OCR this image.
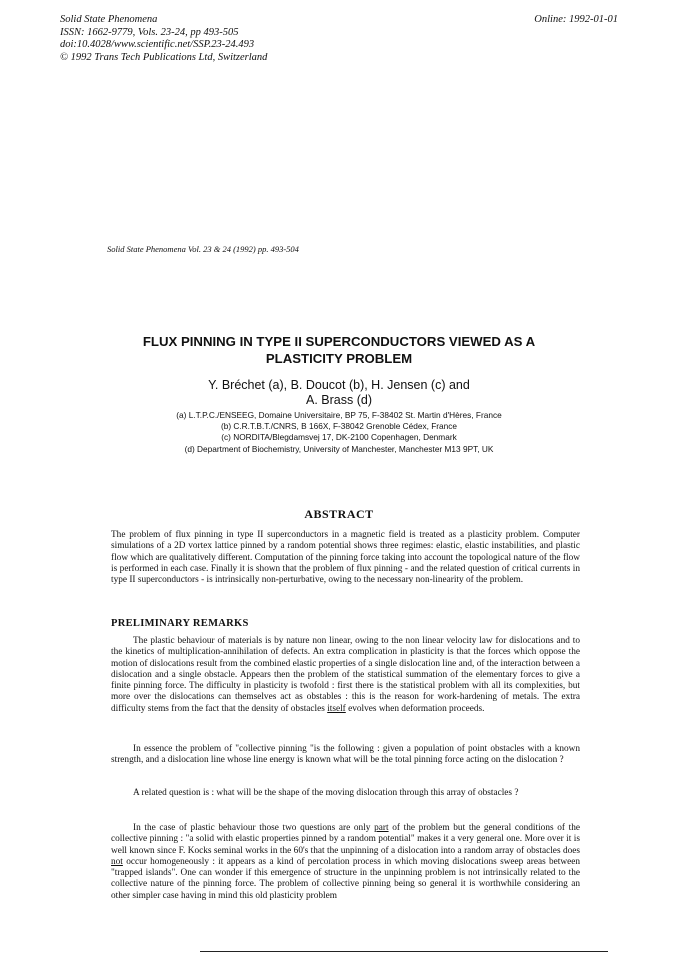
Solid State Phenomena
ISSN: 1662-9779, Vols. 23-24, pp 493-505
doi:10.4028/www.scientific.net/SSP.23-24.493
© 1992 Trans Tech Publications Ltd, Switzerland
Online: 1992-01-01
Solid State Phenomena Vol. 23 & 24 (1992) pp. 493-504
FLUX PINNING IN TYPE II SUPERCONDUCTORS VIEWED AS A
PLASTICITY PROBLEM
Y. Bréchet (a), B. Doucot (b), H. Jensen (c) and
A. Brass (d)
(a) L.T.P.C./ENSEEG, Domaine Universitaire, BP 75, F-38402 St. Martin d'Hères, France
(b) C.R.T.B.T./CNRS, B 166X, F-38042 Grenoble Cédex, France
(c) NORDITA/Blegdamsvej 17, DK-2100 Copenhagen, Denmark
(d) Department of Biochemistry, University of Manchester, Manchester M13 9PT, UK
ABSTRACT
The problem of flux pinning in type II superconductors in a magnetic field is treated as a plasticity problem. Computer simulations of a 2D vortex lattice pinned by a random potential shows three regimes: elastic, elastic instabilities, and plastic flow which are qualitatively different. Computation of the pinning force taking into account the topological nature of the flow is performed in each case. Finally it is shown that the problem of flux pinning - and the related question of critical currents in type II superconductors - is intrinsically non-perturbative, owing to the necessary non-linearity of the problem.
PRELIMINARY REMARKS
The plastic behaviour of materials is by nature non linear, owing to the non linear velocity law for dislocations and to the kinetics of multiplication-annihilation of defects. An extra complication in plasticity is that the forces which oppose the motion of dislocations result from the combined elastic properties of a single dislocation line and, of the interaction between a dislocation and a single obstacle. Appears then the problem of the statistical summation of the elementary forces to give a finite pinning force. The difficulty in plasticity is twofold : first there is the statistical problem with all its complexities, but more over the dislocations can themselves act as obstables : this is the reason for work-hardening of metals. The extra difficulty stems from the fact that the density of obstacles itself evolves when deformation proceeds.
In essence the problem of "collective pinning "is the following : given a population of point obstacles with a known strength, and a dislocation line whose line energy is known what will be the total pinning force acting on the dislocation ?
A related question is : what will be the shape of the moving dislocation through this array of obstacles ?
In the case of plastic behaviour those two questions are only part of the problem but the general conditions of the collective pinning : "a solid with elastic properties pinned by a random potential" makes it a very general one. More over it is well known since F. Kocks seminal works in the 60's that the unpinning of a dislocation into a random array of obstacles does not occur homogeneously : it appears as a kind of percolation process in which moving dislocations sweep areas between "trapped islands". One can wonder if this emergence of structure in the unpinning problem is not intrinsically related to the collective nature of the pinning force. The problem of collective pinning being so general it is worthwhile considering an other simpler case having in mind this old plasticity problem
